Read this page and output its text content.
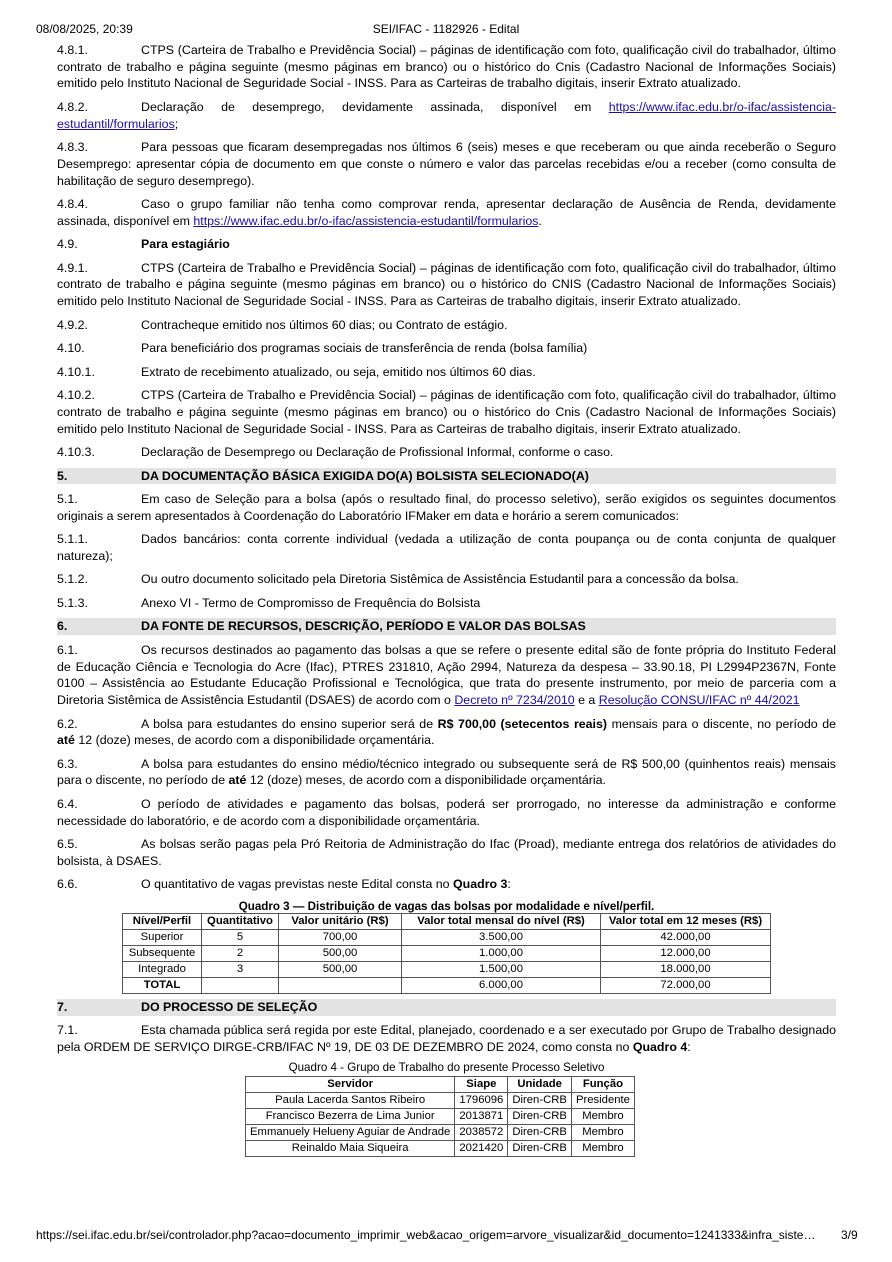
08/08/2025, 20:39	SEI/IFAC - 1182926 - Edital

4.8.1.	CTPS (Carteira de Trabalho e Previdência Social) – páginas de identificação com foto, qualificação civil do trabalhador, último contrato de trabalho e página seguinte (mesmo páginas em branco) ou o histórico do Cnis (Cadastro Nacional de Informações Sociais) emitido pelo Instituto Nacional de Seguridade Social - INSS. Para as Carteiras de trabalho digitais, inserir Extrato atualizado.

4.8.2.	Declaração de desemprego, devidamente assinada, disponível em https://www.ifac.edu.br/o-ifac/assistencia-estudantil/formularios;

4.8.3.	Para pessoas que ficaram desempregadas nos últimos 6 (seis) meses e que receberam ou que ainda receberão o Seguro Desemprego: apresentar cópia de documento em que conste o número e valor das parcelas recebidas e/ou a receber (como consulta de habilitação de seguro desemprego).

4.8.4.	Caso o grupo familiar não tenha como comprovar renda, apresentar declaração de Ausência de Renda, devidamente assinada, disponível em https://www.ifac.edu.br/o-ifac/assistencia-estudantil/formularios.

4.9.	Para estagiário

4.9.1.	CTPS (Carteira de Trabalho e Previdência Social) – páginas de identificação com foto, qualificação civil do trabalhador, último contrato de trabalho e página seguinte (mesmo páginas em branco) ou o histórico do CNIS (Cadastro Nacional de Informações Sociais) emitido pelo Instituto Nacional de Seguridade Social - INSS. Para as Carteiras de trabalho digitais, inserir Extrato atualizado.

4.9.2.	Contracheque emitido nos últimos 60 dias; ou Contrato de estágio.

4.10.	Para beneficiário dos programas sociais de transferência de renda (bolsa família)

4.10.1.	Extrato de recebimento atualizado, ou seja, emitido nos últimos 60 dias.

4.10.2.	CTPS (Carteira de Trabalho e Previdência Social) – páginas de identificação com foto, qualificação civil do trabalhador, último contrato de trabalho e página seguinte (mesmo páginas em branco) ou o histórico do Cnis (Cadastro Nacional de Informações Sociais) emitido pelo Instituto Nacional de Seguridade Social - INSS. Para as Carteiras de trabalho digitais, inserir Extrato atualizado.

4.10.3.	Declaração de Desemprego ou Declaração de Profissional Informal, conforme o caso.

5.	DA DOCUMENTAÇÃO BÁSICA EXIGIDA DO(A) BOLSISTA SELECIONADO(A)

5.1.	Em caso de Seleção para a bolsa (após o resultado final, do processo seletivo), serão exigidos os seguintes documentos originais a serem apresentados à Coordenação do Laboratório IFMaker em data e horário a serem comunicados:

5.1.1.	Dados bancários: conta corrente individual (vedada a utilização de conta poupança ou de conta conjunta de qualquer natureza);

5.1.2.	Ou outro documento solicitado pela Diretoria Sistêmica de Assistência Estudantil para a concessão da bolsa.

5.1.3.	Anexo VI - Termo de Compromisso de Frequência do Bolsista

6.	DA FONTE DE RECURSOS, DESCRIÇÃO, PERÍODO E VALOR DAS BOLSAS

6.1.	Os recursos destinados ao pagamento das bolsas a que se refere o presente edital são de fonte própria do Instituto Federal de Educação Ciência e Tecnologia do Acre (Ifac), PTRES 231810, Ação 2994, Natureza da despesa – 33.90.18, PI L2994P2367N, Fonte 0100 – Assistência ao Estudante Educação Profissional e Tecnológica, que trata do presente instrumento, por meio de parceria com a Diretoria Sistêmica de Assistência Estudantil (DSAES) de acordo com o Decreto nº 7234/2010 e a Resolução CONSU/IFAC nº 44/2021

6.2.	A bolsa para estudantes do ensino superior será de R$ 700,00 (setecentos reais) mensais para o discente, no período de até 12 (doze) meses, de acordo com a disponibilidade orçamentária.

6.3.	A bolsa para estudantes do ensino médio/técnico integrado ou subsequente será de R$ 500,00 (quinhentos reais) mensais para o discente, no período de até 12 (doze) meses, de acordo com a disponibilidade orçamentária.

6.4.	O período de atividades e pagamento das bolsas, poderá ser prorrogado, no interesse da administração e conforme necessidade do laboratório, e de acordo com a disponibilidade orçamentária.

6.5.	As bolsas serão pagas pela Pró Reitoria de Administração do Ifac (Proad), mediante entrega dos relatórios de atividades do bolsista, à DSAES.

6.6.	O quantitativo de vagas previstas neste Edital consta no Quadro 3:

Quadro 3 — Distribuição de vagas das bolsas por modalidade e nível/perfil.

Nível/Perfil	Quantitativo	Valor unitário (R$)	Valor total mensal do nível (R$)	Valor total em 12 meses (R$)
Superior	5	700,00	3.500,00	42.000,00
Subsequente	2	500,00	1.000,00	12.000,00
Integrado	3	500,00	1.500,00	18.000,00
TOTAL			6.000,00	72.000,00

7.	DO PROCESSO DE SELEÇÃO

7.1.	Esta chamada pública será regida por este Edital, planejado, coordenado e a ser executado por Grupo de Trabalho designado pela ORDEM DE SERVIÇO DIRGE-CRB/IFAC Nº 19, DE 03 DE DEZEMBRO DE 2024, como consta no Quadro 4:

Quadro 4 - Grupo de Trabalho do presente Processo Seletivo

Servidor	Siape	Unidade	Função
Paula Lacerda Santos Ribeiro	1796096	Diren-CRB	Presidente
Francisco Bezerra de Lima Junior	2013871	Diren-CRB	Membro
Emmanuely Helueny Aguiar de Andrade	2038572	Diren-CRB	Membro
Reinaldo Maia Siqueira	2021420	Diren-CRB	Membro
https://sei.ifac.edu.br/sei/controlador.php?acao=documento_imprimir_web&acao_origem=arvore_visualizar&id_documento=1241333&infra_siste… 3/9
